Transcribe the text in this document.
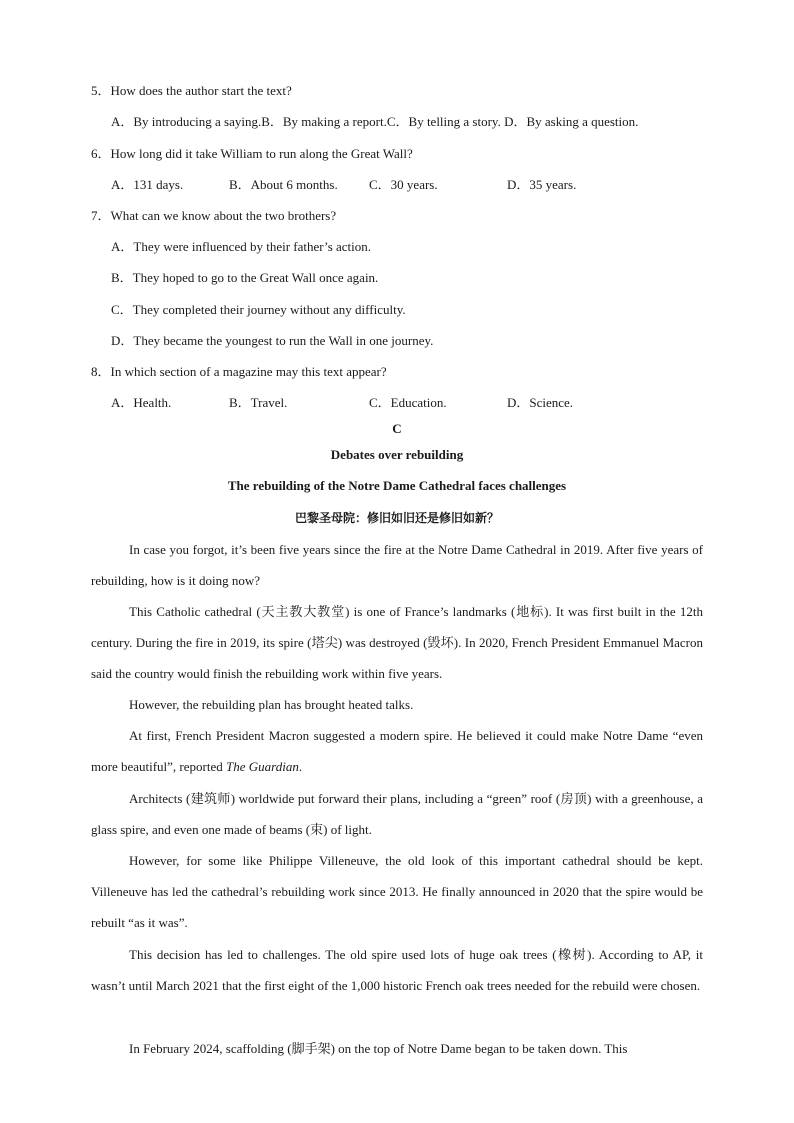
5．How does the author start the text?
A．By introducing a saying.B．By making a report.C．By telling a story. D．By asking a question.
6．How long did it take William to run along the Great Wall?
A．131 days.	B．About 6 months. C．30 years.	D．35 years.
7．What can we know about the two brothers?
A．They were influenced by their father’s action.
B．They hoped to go to the Great Wall once again.
C．They completed their journey without any difficulty.
D．They became the youngest to run the Wall in one journey.
8．In which section of a magazine may this text appear?
A．Health.	B．Travel.	C．Education.	D．Science.
C
Debates over rebuilding
The rebuilding of the Notre Dame Cathedral faces challenges
巴黎圣母院：修旧如旧还是修旧如新？
In case you forgot, it’s been five years since the fire at the Notre Dame Cathedral in 2019. After five years of rebuilding, how is it doing now?
This Catholic cathedral (天主教大教堂) is one of France’s landmarks (地标). It was first built in the 12th century. During the fire in 2019, its spire (塔尖) was destroyed (毁坏). In 2020, French President Emmanuel Macron said the country would finish the rebuilding work within five years.
However, the rebuilding plan has brought heated talks.
At first, French President Macron suggested a modern spire. He believed it could make Notre Dame “even more beautiful”, reported The Guardian.
Architects (建筑师) worldwide put forward their plans, including a “green” roof (房顶) with a greenhouse, a glass spire, and even one made of beams (束) of light.
However, for some like Philippe Villeneuve, the old look of this important cathedral should be kept. Villeneuve has led the cathedral’s rebuilding work since 2013. He finally announced in 2020 that the spire would be rebuilt “as it was”.
This decision has led to challenges. The old spire used lots of huge oak trees (橡树). According to AP, it wasn’t until March 2021 that the first eight of the 1,000 historic French oak trees needed for the rebuild were chosen.
In February 2024, scaffolding (脚手架) on the top of Notre Dame began to be taken down. This
